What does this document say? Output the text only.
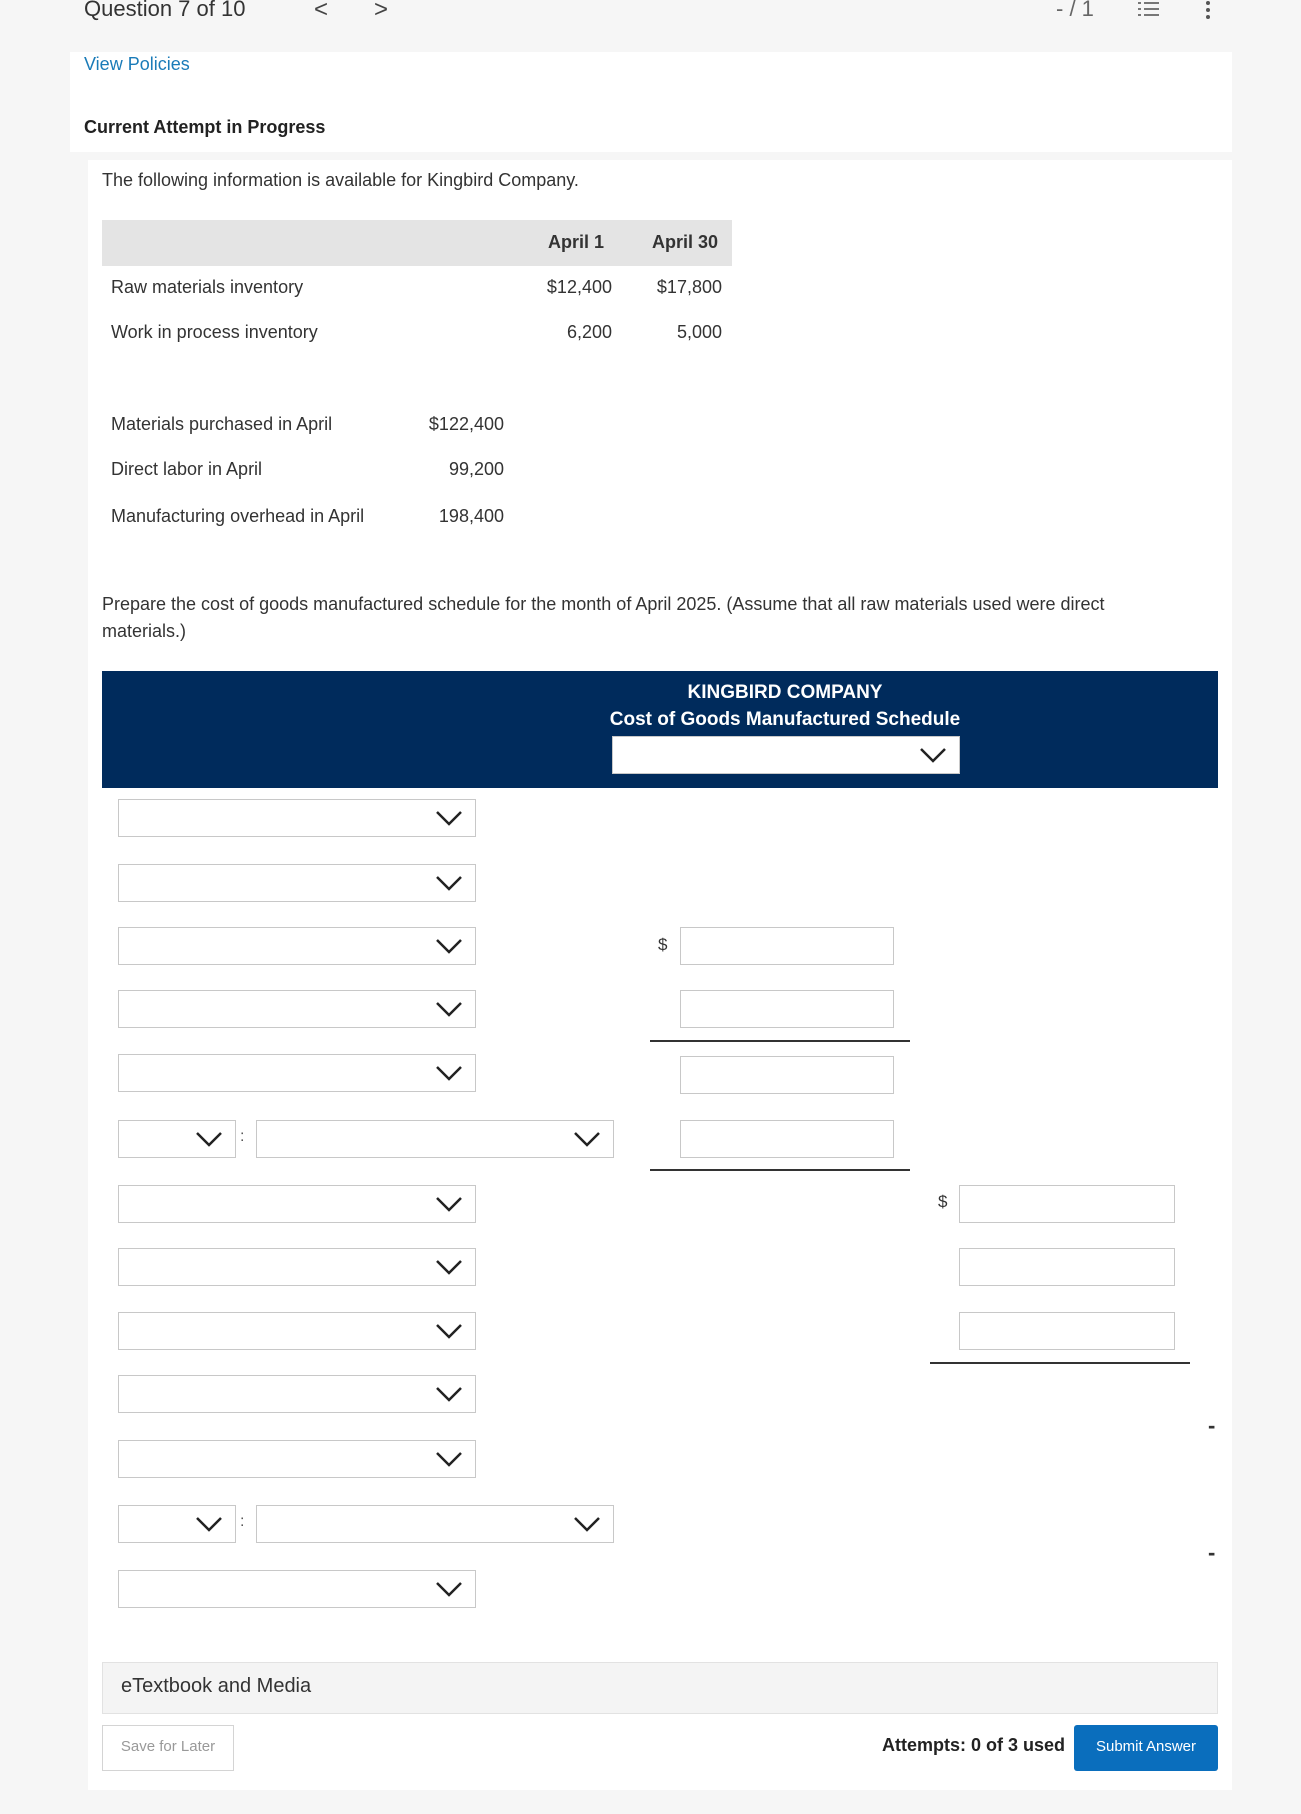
Question 7 of 10	< >	- / 1
View Policies
Current Attempt in Progress
The following information is available for Kingbird Company.
April 1	April 30
Raw materials inventory	$12,400	$17,800
Work in process inventory	6,200	5,000
Materials purchased in April	$122,400
Direct labor in April	99,200
Manufacturing overhead in April	198,400
Prepare the cost of goods manufactured schedule for the month of April 2025. (Assume that all raw materials used were direct
materials.)
KINGBIRD COMPANY
Cost of Goods Manufactured Schedule
:
:
$
$
-
-
eTextbook and Media
Save for Later	Attempts: 0 of 3 used	Submit Answer
